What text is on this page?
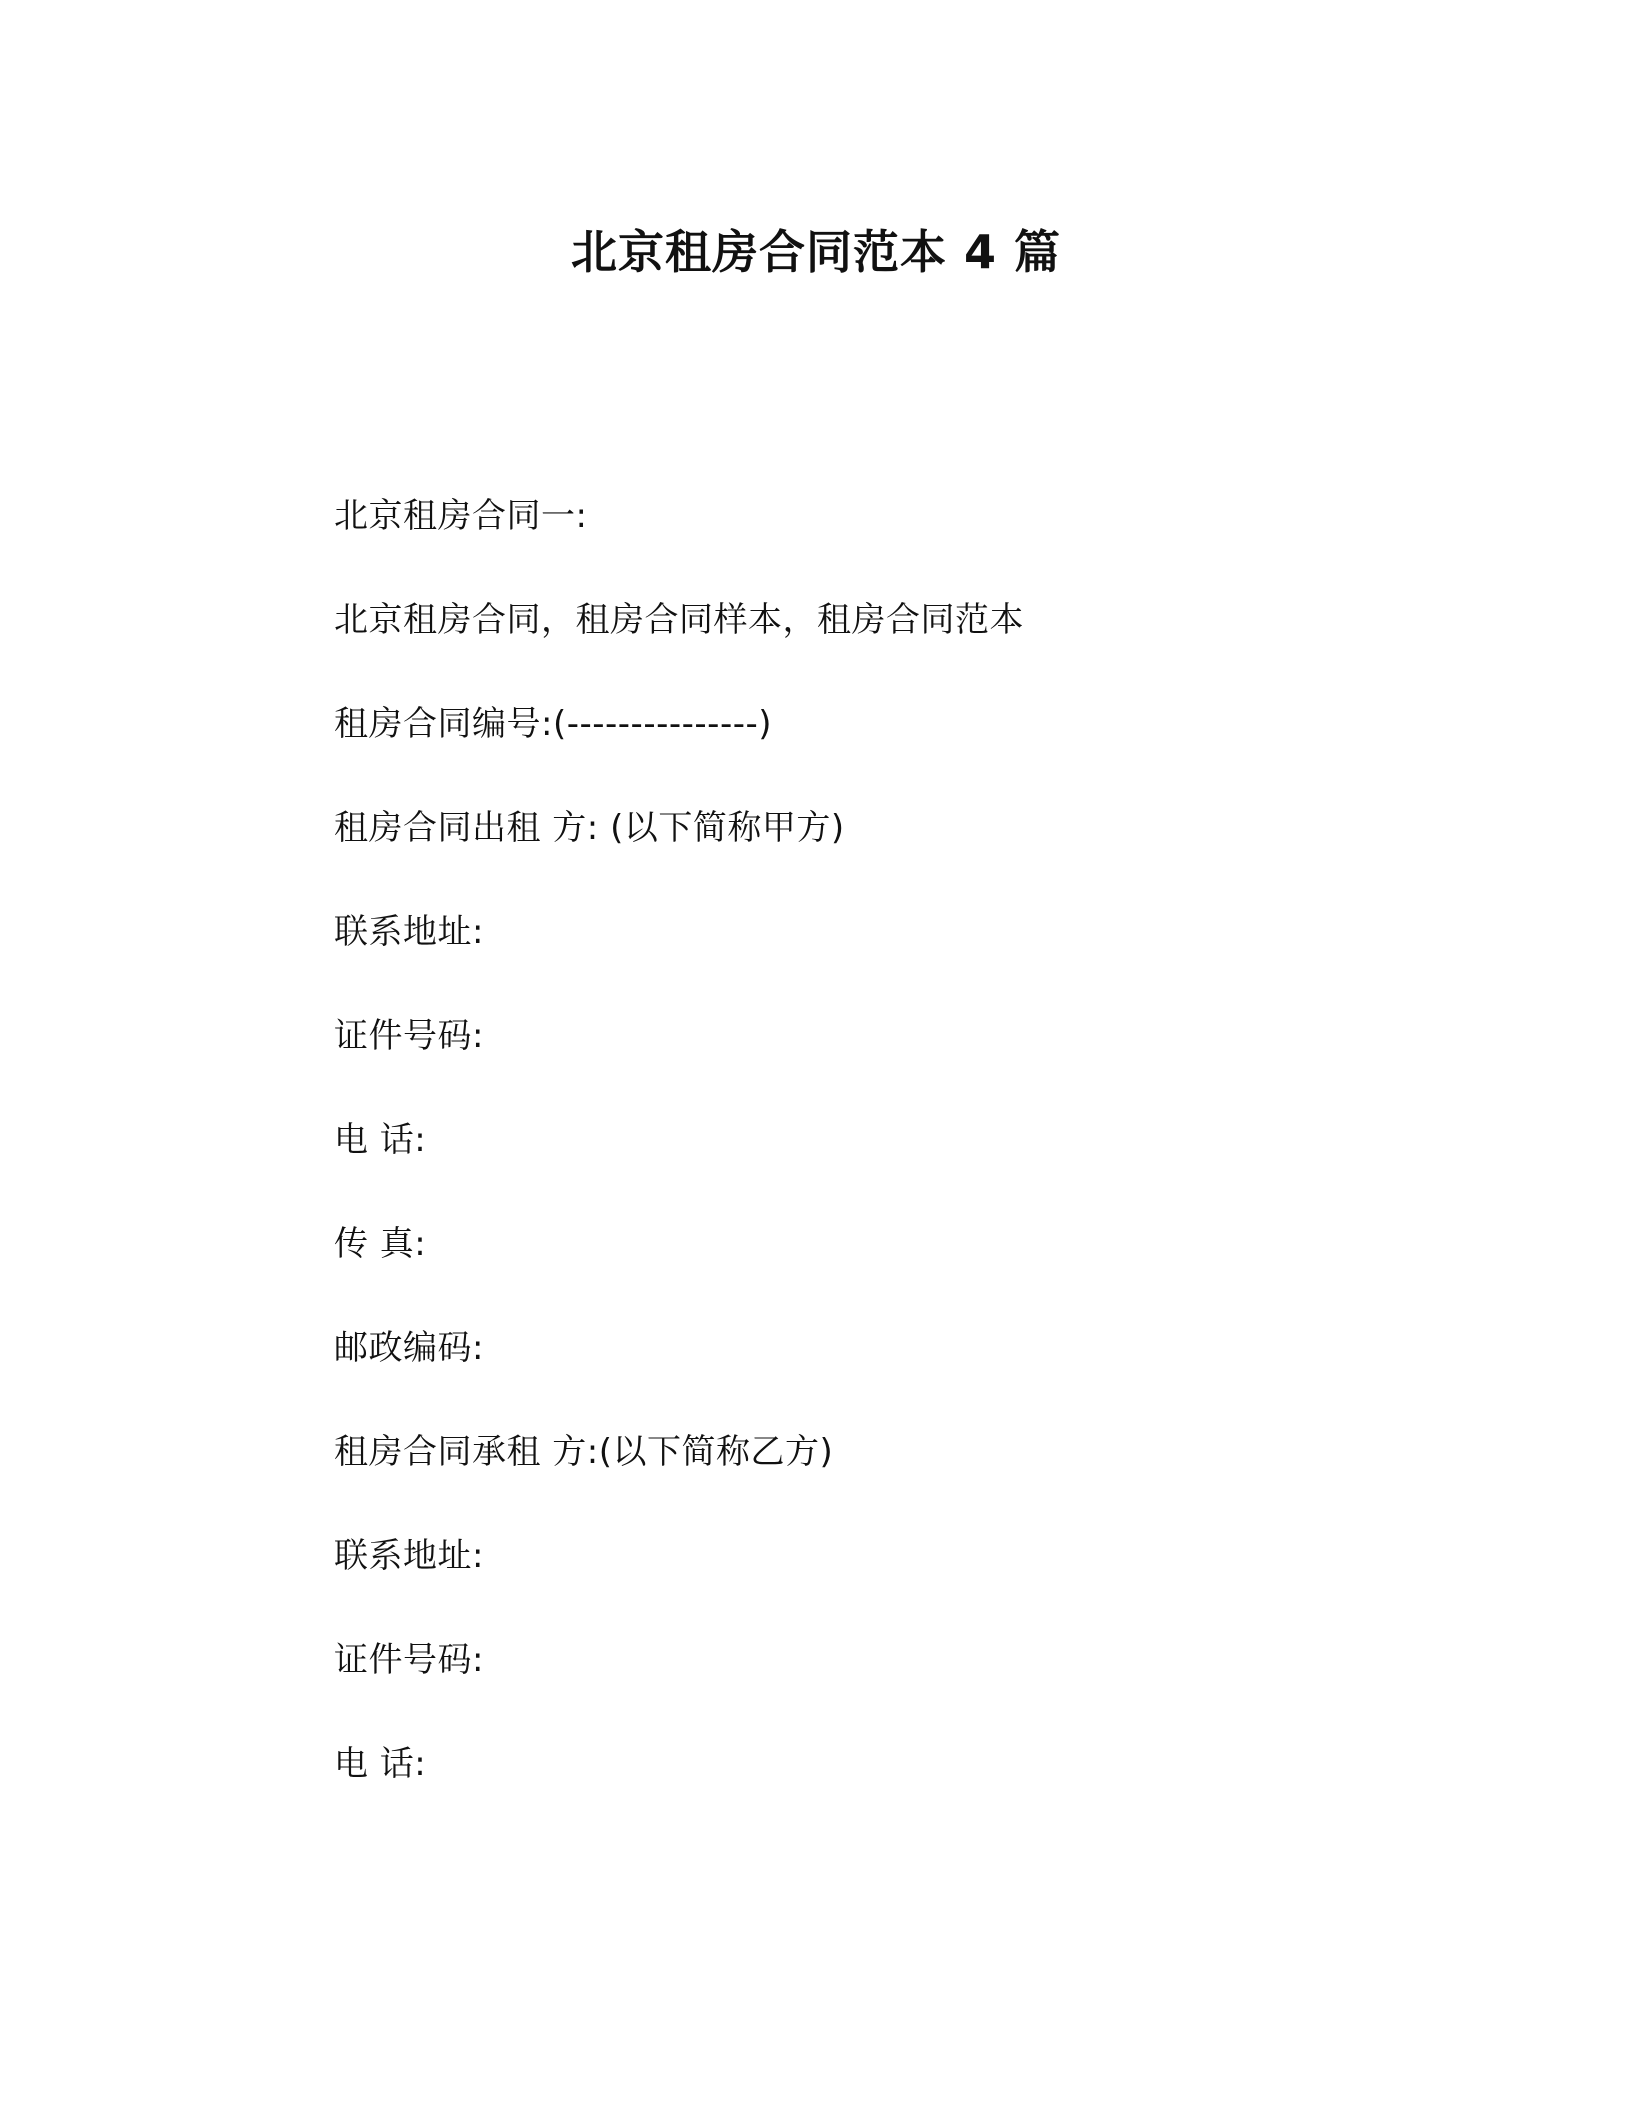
北京租房合同范本 4 篇
北京租房合同一:
北京租房合同，租房合同样本，租房合同范本
租房合同编号:(---------------)
租房合同出租 方: (以下简称甲方)
联系地址:
证件号码:
电 话:
传 真:
邮政编码:
租房合同承租 方:(以下简称乙方)
联系地址:
证件号码:
电 话:
